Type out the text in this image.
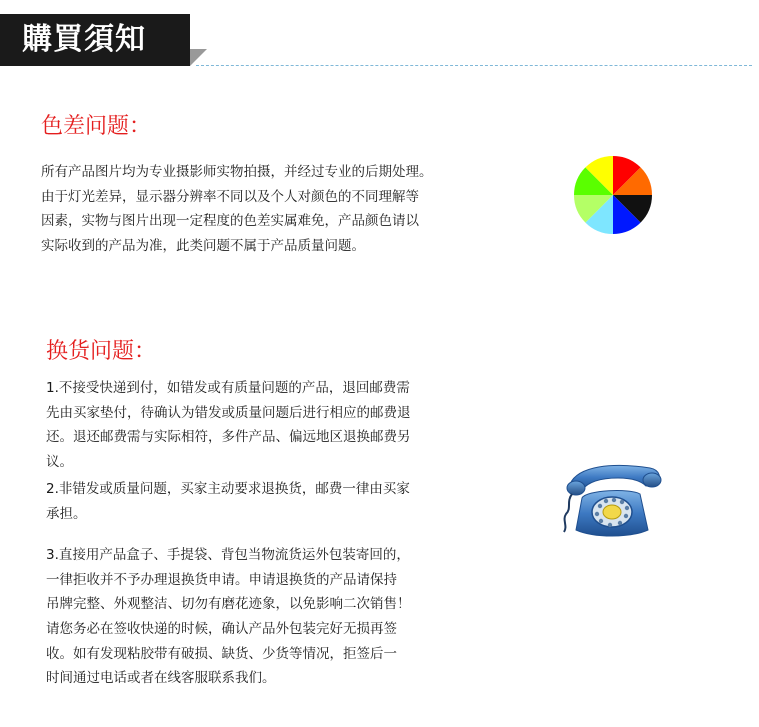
購買須知
色差问题：
所有产品图片均为专业摄影师实物拍摄，并经过专业的后期处理。
由于灯光差异，显示器分辨率不同以及个人对颜色的不同理解等
因素，实物与图片出现一定程度的色差实属难免，产品颜色请以
实际收到的产品为准，此类问题不属于产品质量问题。
换货问题：
1.不接受快递到付，如错发或有质量问题的产品，退回邮费需
先由买家垫付，待确认为错发或质量问题后进行相应的邮费退
还。退还邮费需与实际相符，多件产品、偏远地区退换邮费另
议。
2.非错发或质量问题，买家主动要求退换货，邮费一律由买家
承担。
3.直接用产品盒子、手提袋、背包当物流货运外包装寄回的，
一律拒收并不予办理退换货申请。申请退换货的产品请保持
吊牌完整、外观整洁、切勿有磨花迹象，以免影响二次销售！
请您务必在签收快递的时候，确认产品外包装完好无损再签
收。如有发现粘胶带有破损、缺货、少货等情况，拒签后一
时间通过电话或者在线客服联系我们。
